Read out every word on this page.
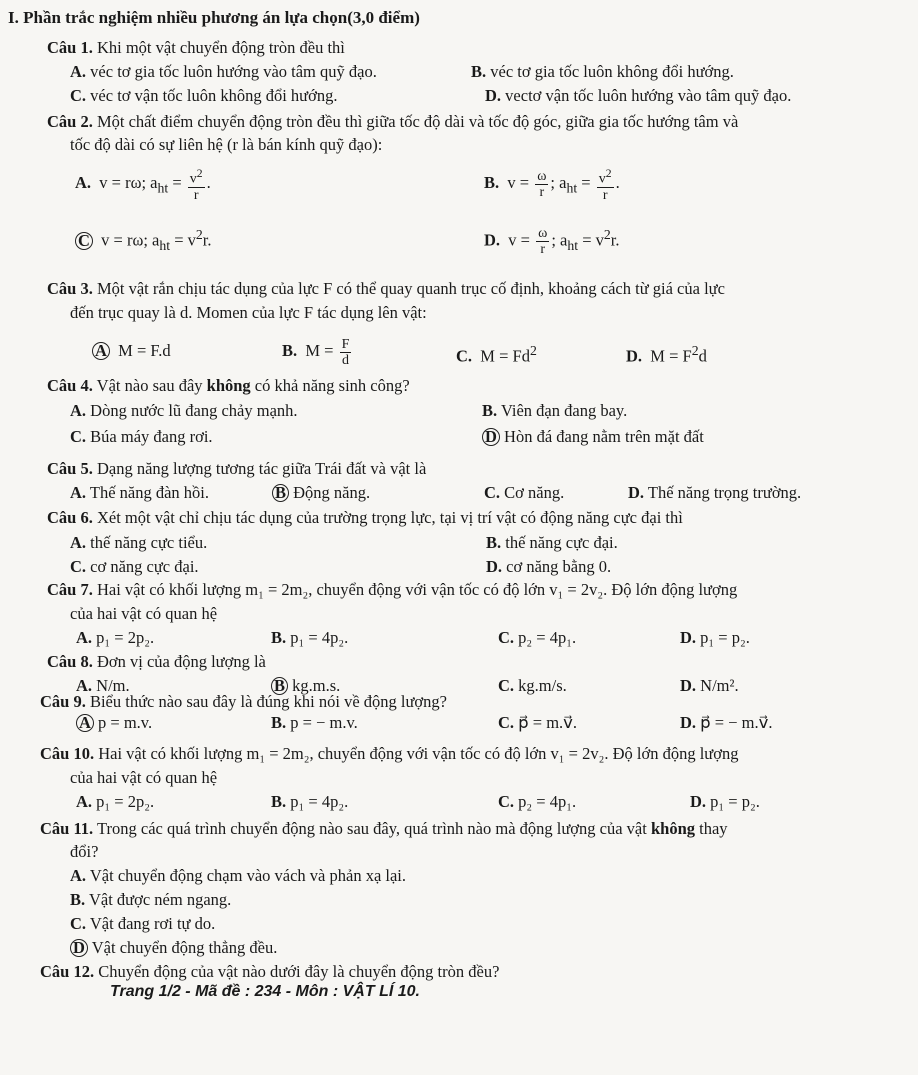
I. Phần trắc nghiệm nhiều phương án lựa chọn(3,0 điểm)
Câu 1. Khi một vật chuyển động tròn đều thì
A. véc tơ gia tốc luôn hướng vào tâm quỹ đạo.	B. véc tơ gia tốc luôn không đổi hướng.
C. véc tơ vận tốc luôn không đổi hướng.	D. vectơ vận tốc luôn hướng vào tâm quỹ đạo.
Câu 2. Một chất điểm chuyển động tròn đều thì giữa tốc độ dài và tốc độ góc, giữa gia tốc hướng tâm và
tốc độ dài có sự liên hệ (r là bán kính quỹ đạo):
A.  v = rω; $a_{ht} = \frac{v^2}{r}$ .	B.  $v = \frac{\omega}{r}$ ; $a_{ht} = \frac{v^2}{r}$ .
C  v = rω; $a_{ht} = v^2r$.	D.  $v = \frac{\omega}{r}$ ; $a_{ht} = v^2r$.
Câu 3. Một vật rắn chịu tác dụng của lực F có thể quay quanh trục cố định, khoảng cách từ giá của lực
đến trục quay là d. Momen của lực F tác dụng lên vật:
A  M = F.d	B.  $M = \frac{F}{d}$	C.  $M = Fd^2$	D.  $M = F^2d$
Câu 4. Vật nào sau đây không có khả năng sinh công?
A. Dòng nước lũ đang chảy mạnh.	B. Viên đạn đang bay.
C. Búa máy đang rơi.	D Hòn đá đang nằm trên mặt đất
Câu 5. Dạng năng lượng tương tác giữa Trái đất và vật là
A. Thế năng đàn hồi.	B Động năng.	C. Cơ năng.	D. Thế năng trọng trường.
Câu 6. Xét một vật chỉ chịu tác dụng của trường trọng lực, tại vị trí vật có động năng cực đại thì
A. thế năng cực tiểu.	B. thế năng cực đại.
C. cơ năng cực đại.	D. cơ năng bằng 0.
Câu 7. Hai vật có khối lượng m₁ = 2m₂, chuyển động với vận tốc có độ lớn v₁ = 2v₂. Độ lớn động lượng
của hai vật có quan hệ
A. p₁ = 2p₂.	B. p₁ = 4p₂.	C. p₂ = 4p₁.	D. p₁ = p₂.
Câu 8. Đơn vị của động lượng là
A. N/m.	B kg.m.s.	C. kg.m/s.	D. N/m².
Câu 9. Biểu thức nào sau đây là đúng khi nói về động lượng?
A p = m.v.	B. p = − m.v.	C. p⃗ = m.v⃗.	D. p⃗ = − m.v⃗.
Câu 10. Hai vật có khối lượng m₁ = 2m₂, chuyển động với vận tốc có độ lớn v₁ = 2v₂. Độ lớn động lượng
của hai vật có quan hệ
A. p₁ = 2p₂.	B. p₁ = 4p₂.	C. p₂ = 4p₁.	D. p₁ = p₂.
Câu 11. Trong các quá trình chuyển động nào sau đây, quá trình nào mà động lượng của vật không thay
đổi?
A. Vật chuyển động chạm vào vách và phản xạ lại.
B. Vật được ném ngang.
C. Vật đang rơi tự do.
D Vật chuyển động thẳng đều.
Câu 12. Chuyển động của vật nào dưới đây là chuyển động tròn đều?
Trang 1/2 - Mã đề : 234 - Môn : VẬT LÍ 10.
